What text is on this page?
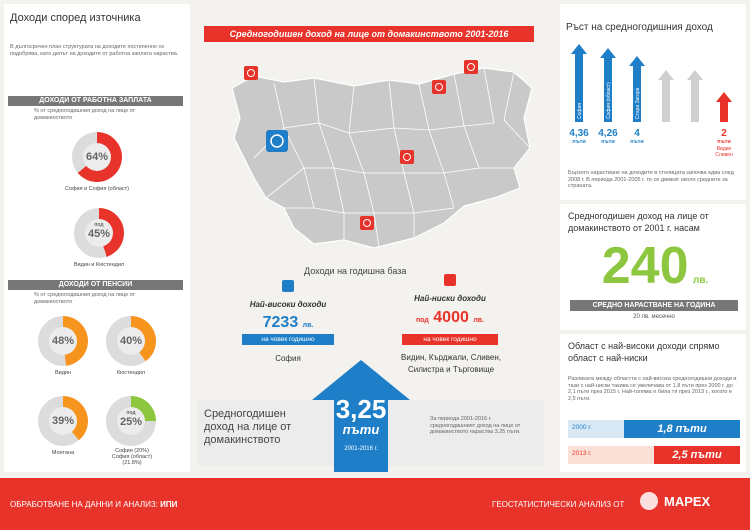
Доходи според източника
В дългосрочен план структурата на доходите постепенно се подобрява, като делът на доходите от работна заплата нараства.
ДОХОДИ ОТ РАБОТНА ЗАПЛАТА
% от средногодишния доход на лице от домакинството
64%
София и София (област)
под
45%
Видин и Кюстендил
ДОХОДИ ОТ ПЕНСИИ
% от средногодишния доход на лице от домакинството
48%
Видин
40%
Кюстендил
39%
Монтана
под
25%
София (20%)
София (област)
(21.8%)
Средногодишен доход на лице от домакинството 2001-2016
Доходи на годишна база
Най-високи доходи
7233 лв.
на човек годишно
София
Най-ниски доходи
под 4000 лв.
на човек годишно
Видин, Кърджали, Сливен, Силистра и Търговище
Средногодишен доход на лице от домакинството
3,25
пъти
2001-2016 г.
За периода 2001-2016 г. средногодишният доход на лице от домакинството нараства 3,25 пъти.
Ръст на средногодишния доход
София
4,36
пъти
София (област)
4,26
пъти
Стара Загора
4
пъти
2
пъти
Видин
Сливен
Бързото нарастване на доходите в столицата започва едва след 2008 г. В периода 2001-2005 г. те се движат около средните за страната.
Средногодишен доход на лице от домакинството от 2001 г. насам
240 лв.
СРЕДНО НАРАСТВАНЕ НА ГОДИНА
20 лв. месечно
Област с най-високи доходи спрямо област с най-ниски
Разликата между областта с най-висока средногодишни доходи и тази с най-ниски такива се увеличава от 1,8 пъти през 2000 г. до 2,1 пъти през 2015 г. Най-голяма е била тя през 2013 г., когато е 2,5 пъти.
2000 г.	1,8 пъти
2013 г.	2,5 пъти
ОБРАБОТВАНЕ НА ДАННИ И АНАЛИЗ: ИПИ	ГЕОСТАТИСТИЧЕСКИ АНАЛИЗ ОТ	MAPEX
